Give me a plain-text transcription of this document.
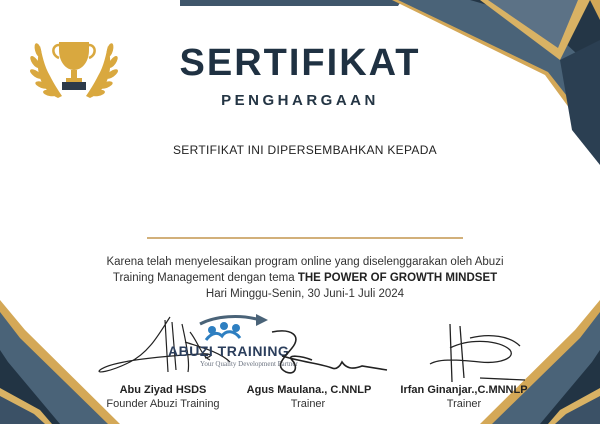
SERTIFIKAT
PENGHARGAAN
SERTIFIKAT INI DIPERSEMBAHKAN KEPADA
Karena telah menyelesaikan program online yang diselenggarakan oleh Abuzi
Training Management dengan tema THE POWER OF GROWTH MINDSET
Hari Minggu-Senin, 30 Juni-1 Juli 2024
ABUZI TRAINING
Your Quality Development Partner
Abu Ziyad HSDS
Founder Abuzi Training
Agus Maulana., C.NNLP
Trainer
Irfan Ginanjar.,C.MNNLP
Trainer
